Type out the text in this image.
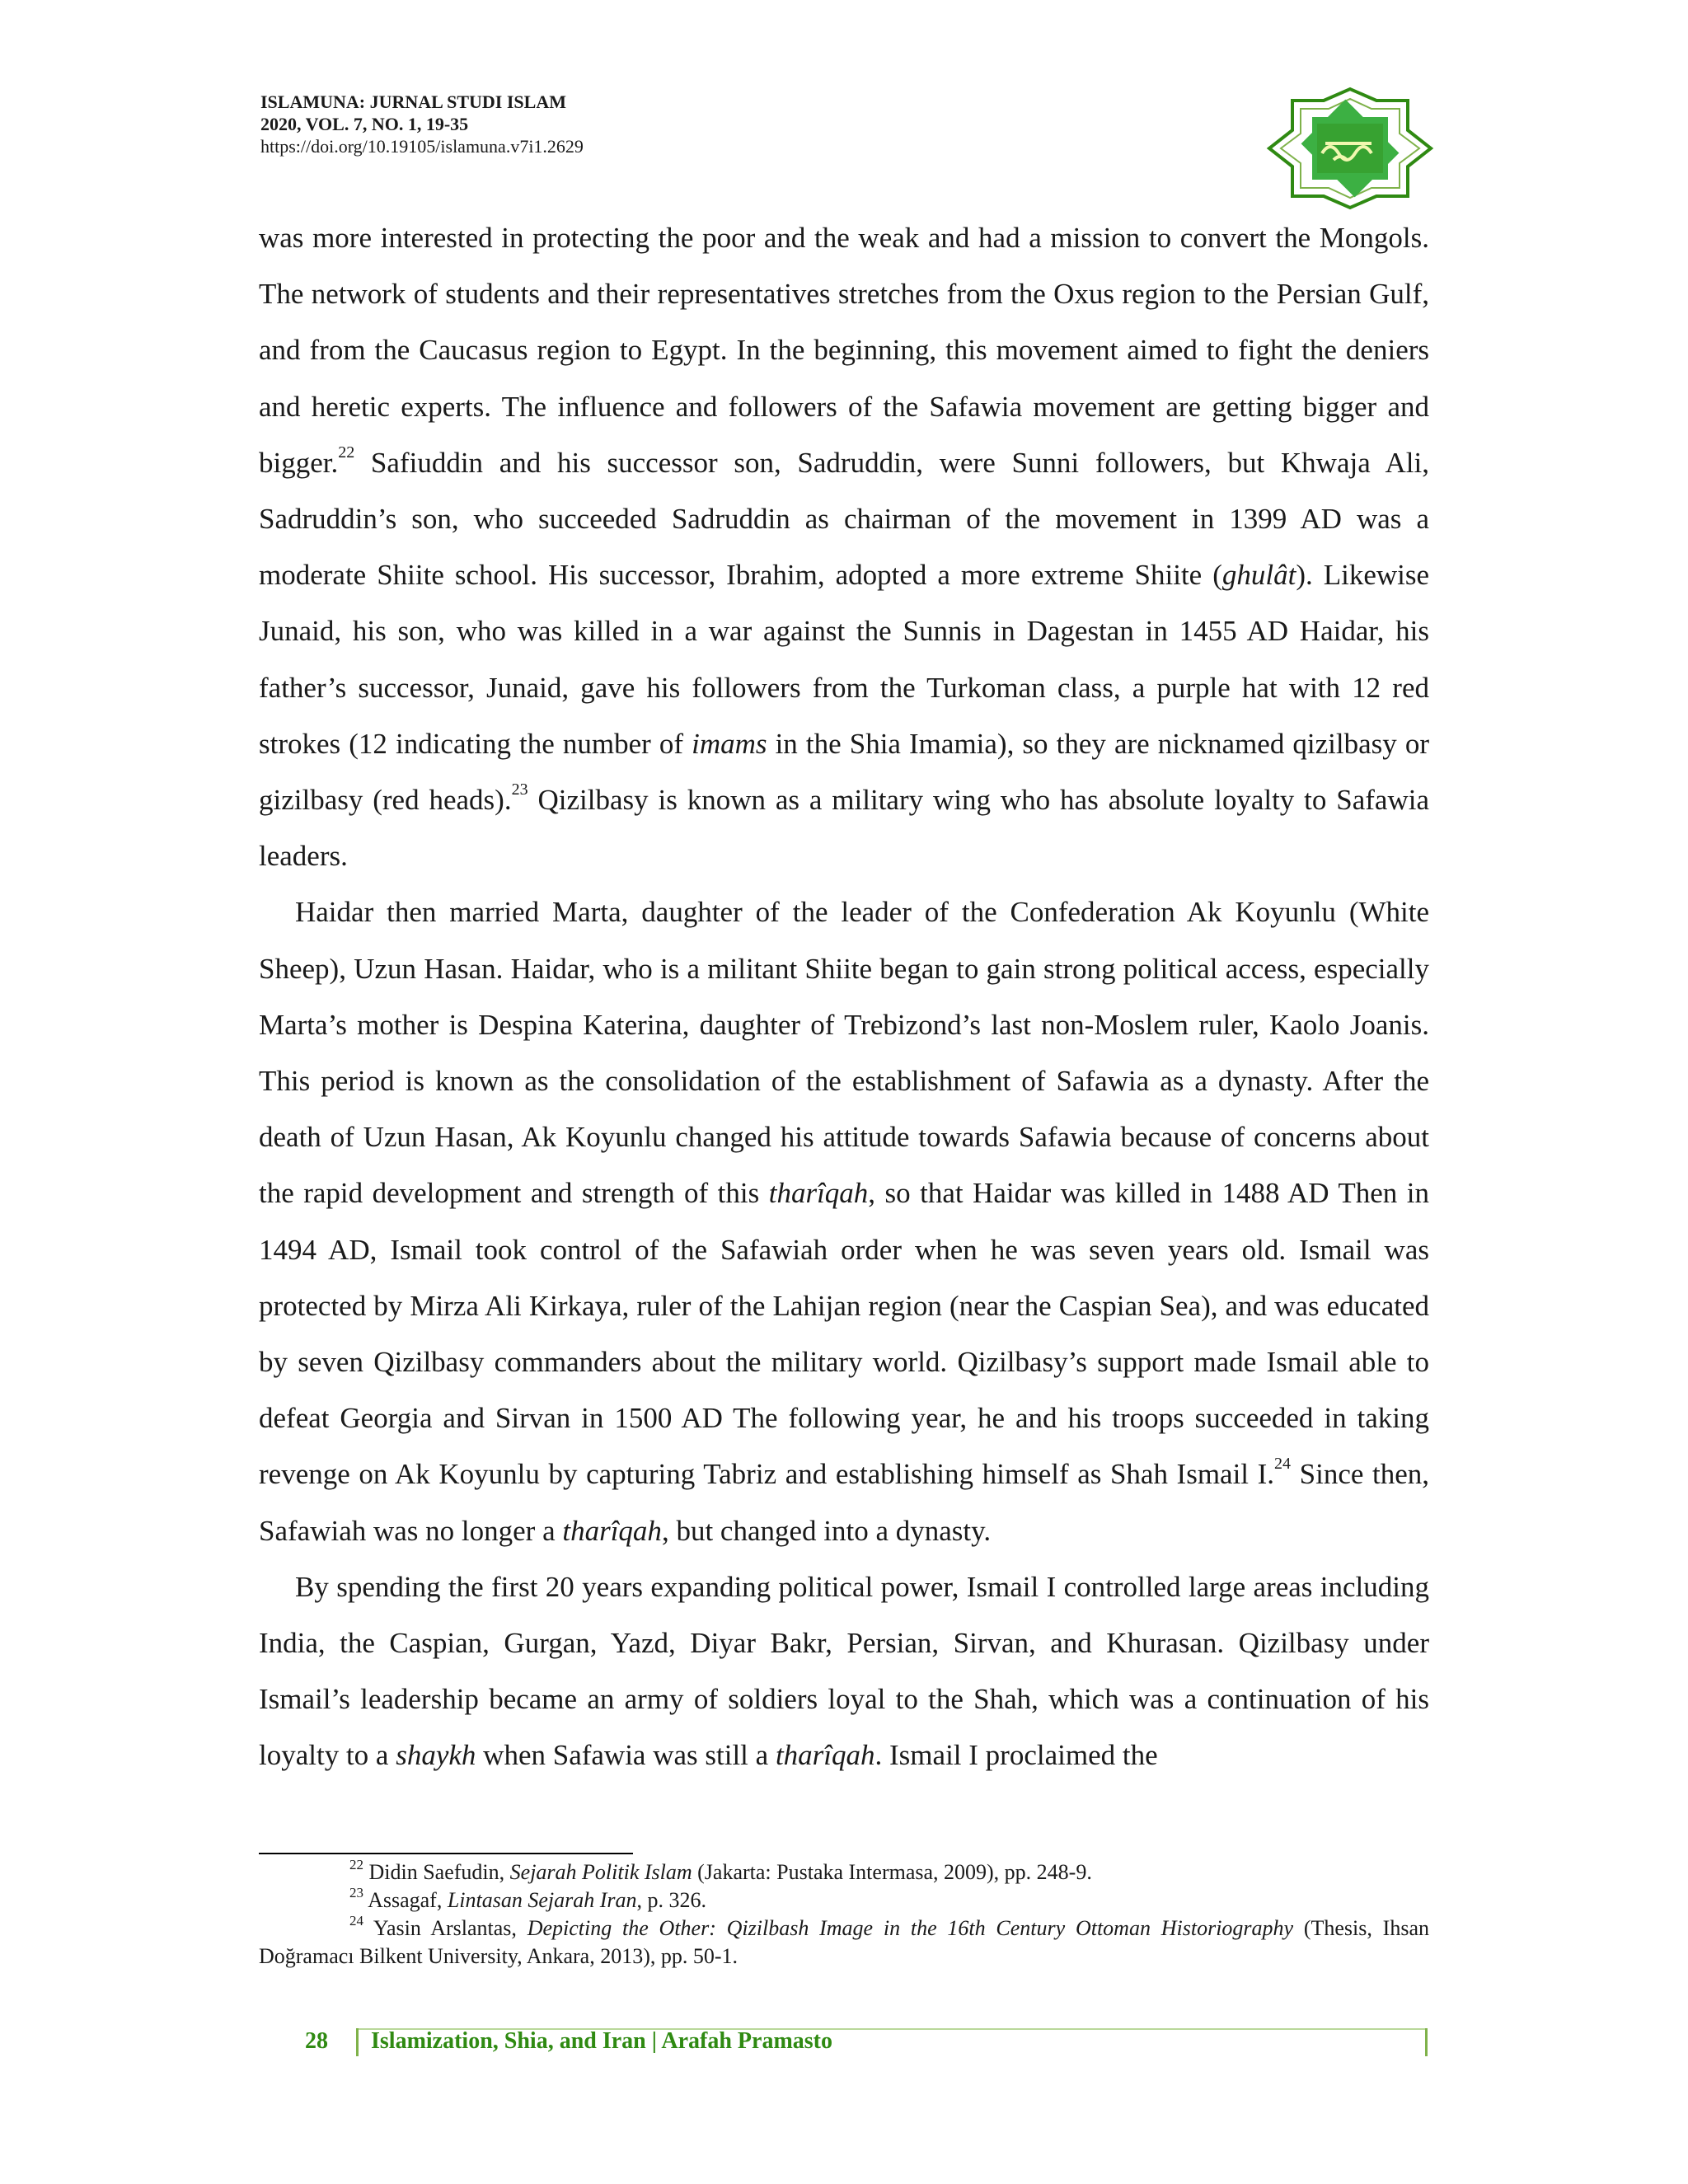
ISLAMUNA: JURNAL STUDI ISLAM
2020, VOL. 7, NO. 1, 19-35
https://doi.org/10.19105/islamuna.v7i1.2629

was more interested in protecting the poor and the weak and had a mission to convert the Mongols. The network of students and their representatives stretches from the Oxus region to the Persian Gulf, and from the Caucasus region to Egypt. In the beginning, this movement aimed to fight the deniers and heretic experts. The influence and followers of the Safawia movement are getting bigger and bigger.$^{22}$ Safiuddin and his successor son, Sadruddin, were Sunni followers, but Khwaja Ali, Sadruddin’s son, who succeeded Sadruddin as chairman of the movement in 1399 AD was a moderate Shiite school. His successor, Ibrahim, adopted a more extreme Shiite (ghulât). Likewise Junaid, his son, who was killed in a war against the Sunnis in Dagestan in 1455 AD Haidar, his father’s successor, Junaid, gave his followers from the Turkoman class, a purple hat with 12 red strokes (12 indicating the number of imams in the Shia Imamia), so they are nicknamed qizilbasy or gizilbasy (red heads).$^{23}$ Qizilbasy is known as a military wing who has absolute loyalty to Safawia leaders.

Haidar then married Marta, daughter of the leader of the Confederation Ak Koyunlu (White Sheep), Uzun Hasan. Haidar, who is a militant Shiite began to gain strong political access, especially Marta’s mother is Despina Katerina, daughter of Trebizond’s last non-Moslem ruler, Kaolo Joanis. This period is known as the consolidation of the establishment of Safawia as a dynasty. After the death of Uzun Hasan, Ak Koyunlu changed his attitude towards Safawia because of concerns about the rapid development and strength of this tharîqah, so that Haidar was killed in 1488 AD Then in 1494 AD, Ismail took control of the Safawiah order when he was seven years old. Ismail was protected by Mirza Ali Kirkaya, ruler of the Lahijan region (near the Caspian Sea), and was educated by seven Qizilbasy commanders about the military world. Qizilbasy’s support made Ismail able to defeat Georgia and Sirvan in 1500 AD The following year, he and his troops succeeded in taking revenge on Ak Koyunlu by capturing Tabriz and establishing himself as Shah Ismail I.$^{24}$ Since then, Safawiah was no longer a tharîqah, but changed into a dynasty.

By spending the first 20 years expanding political power, Ismail I controlled large areas including India, the Caspian, Gurgan, Yazd, Diyar Bakr, Persian, Sirvan, and Khurasan. Qizilbasy under Ismail’s leadership became an army of soldiers loyal to the Shah, which was a continuation of his loyalty to a shaykh when Safawia was still a tharîqah. Ismail I proclaimed the

$^{22}$ Didin Saefudin, Sejarah Politik Islam (Jakarta: Pustaka Intermasa, 2009), pp. 248-9.

$^{23}$ Assagaf, Lintasan Sejarah Iran, p. 326.

$^{24}$ Yasin Arslantas, Depicting the Other: Qizilbash Image in the 16th Century Ottoman Historiography (Thesis, Ihsan Doğramacı Bilkent University, Ankara, 2013), pp. 50-1.

28 Islamization, Shia, and Iran | Arafah Pramasto
